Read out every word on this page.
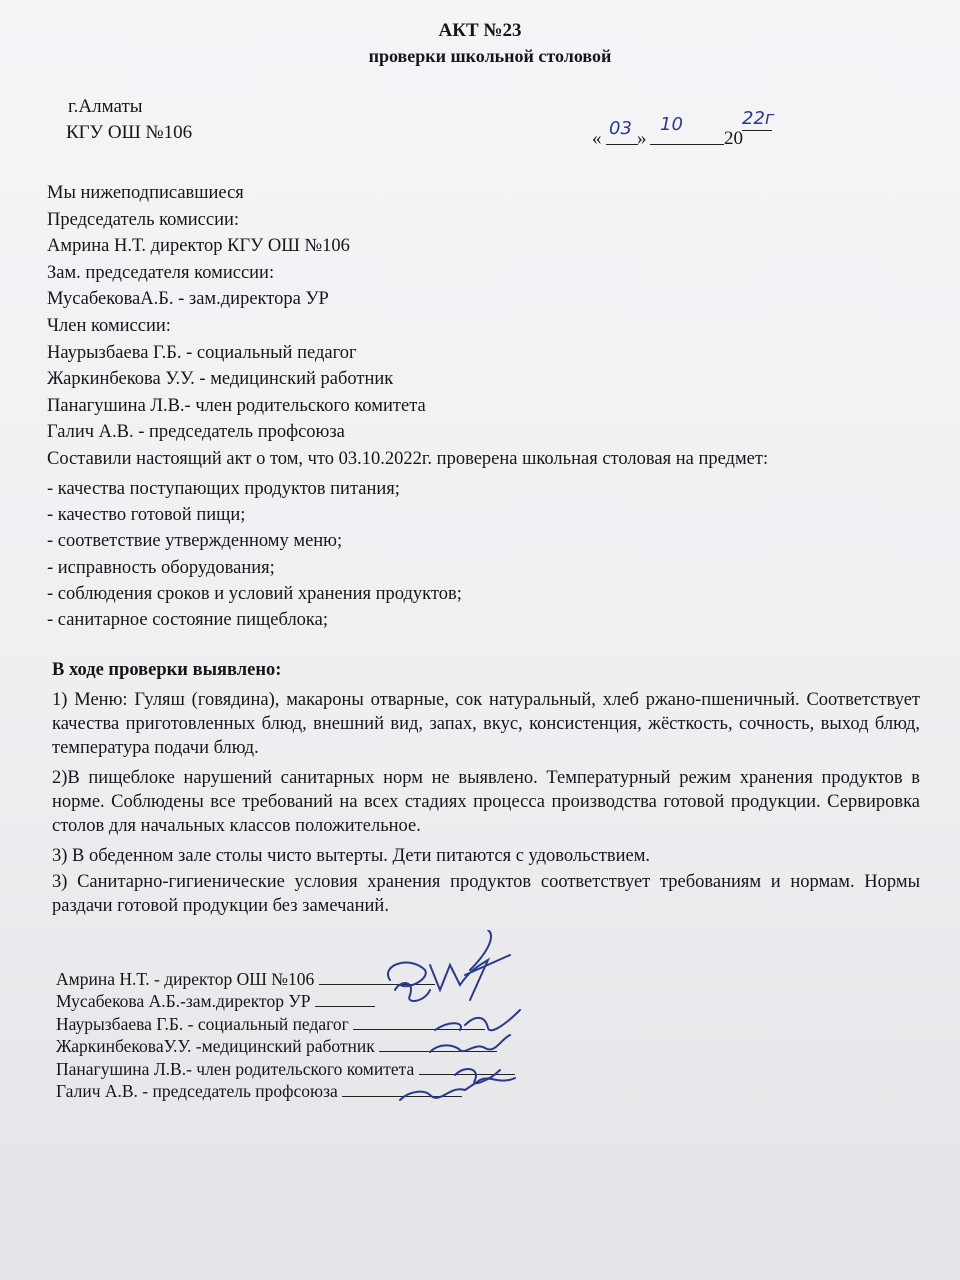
АКТ №23
проверки школьной столовой
г.Алматы
КГУ ОШ №106	« 03 »
10
20
22г
Мы нижеподписавшиеся
Председатель комиссии:
Амрина Н.Т. директор КГУ ОШ №106
Зам. председателя комиссии:
МусабековаА.Б. - зам.директора УР
Член комиссии:
Наурызбаева Г.Б. - социальный педагог
Жаркинбекова У.У. - медицинский работник
Панагушина Л.В.- член родительского комитета
Галич А.В. - председатель профсоюза
Составили настоящий акт о том, что 03.10.2022г. проверена школьная столовая на предмет:
- качества поступающих продуктов питания;
- качество готовой пищи;
- соответствие утвержденному меню;
- исправность оборудования;
- соблюдения сроков и условий хранения продуктов;
- санитарное состояние пищеблока;
В ходе проверки выявлено:
1) Меню: Гуляш (говядина), макароны отварные, сок натуральный, хлеб ржано-пшеничный. Соответствует качества приготовленных блюд, внешний вид, запах, вкус, консистенция, жёсткость, сочность, выход блюд, температура подачи блюд.
2)В пищеблоке нарушений санитарных норм не выявлено. Температурный режим хранения продуктов в норме. Соблюдены все требований на всех стадиях процесса производства готовой продукции. Сервировка столов для начальных классов положительное.
3) В обеденном зале столы чисто вытерты. Дети питаются с удовольствием.
3) Санитарно-гигиенические условия хранения продуктов соответствует требованиям и нормам. Нормы раздачи готовой продукции без замечаний.
Амрина Н.Т. - директор ОШ №106
Мусабекова А.Б.-зам.директор УР
Наурызбаева Г.Б. - социальный педагог
ЖаркинбековаУ.У. -медицинский работник
Панагушина Л.В.- член родительского комитета
Галич А.В. - председатель профсоюза
